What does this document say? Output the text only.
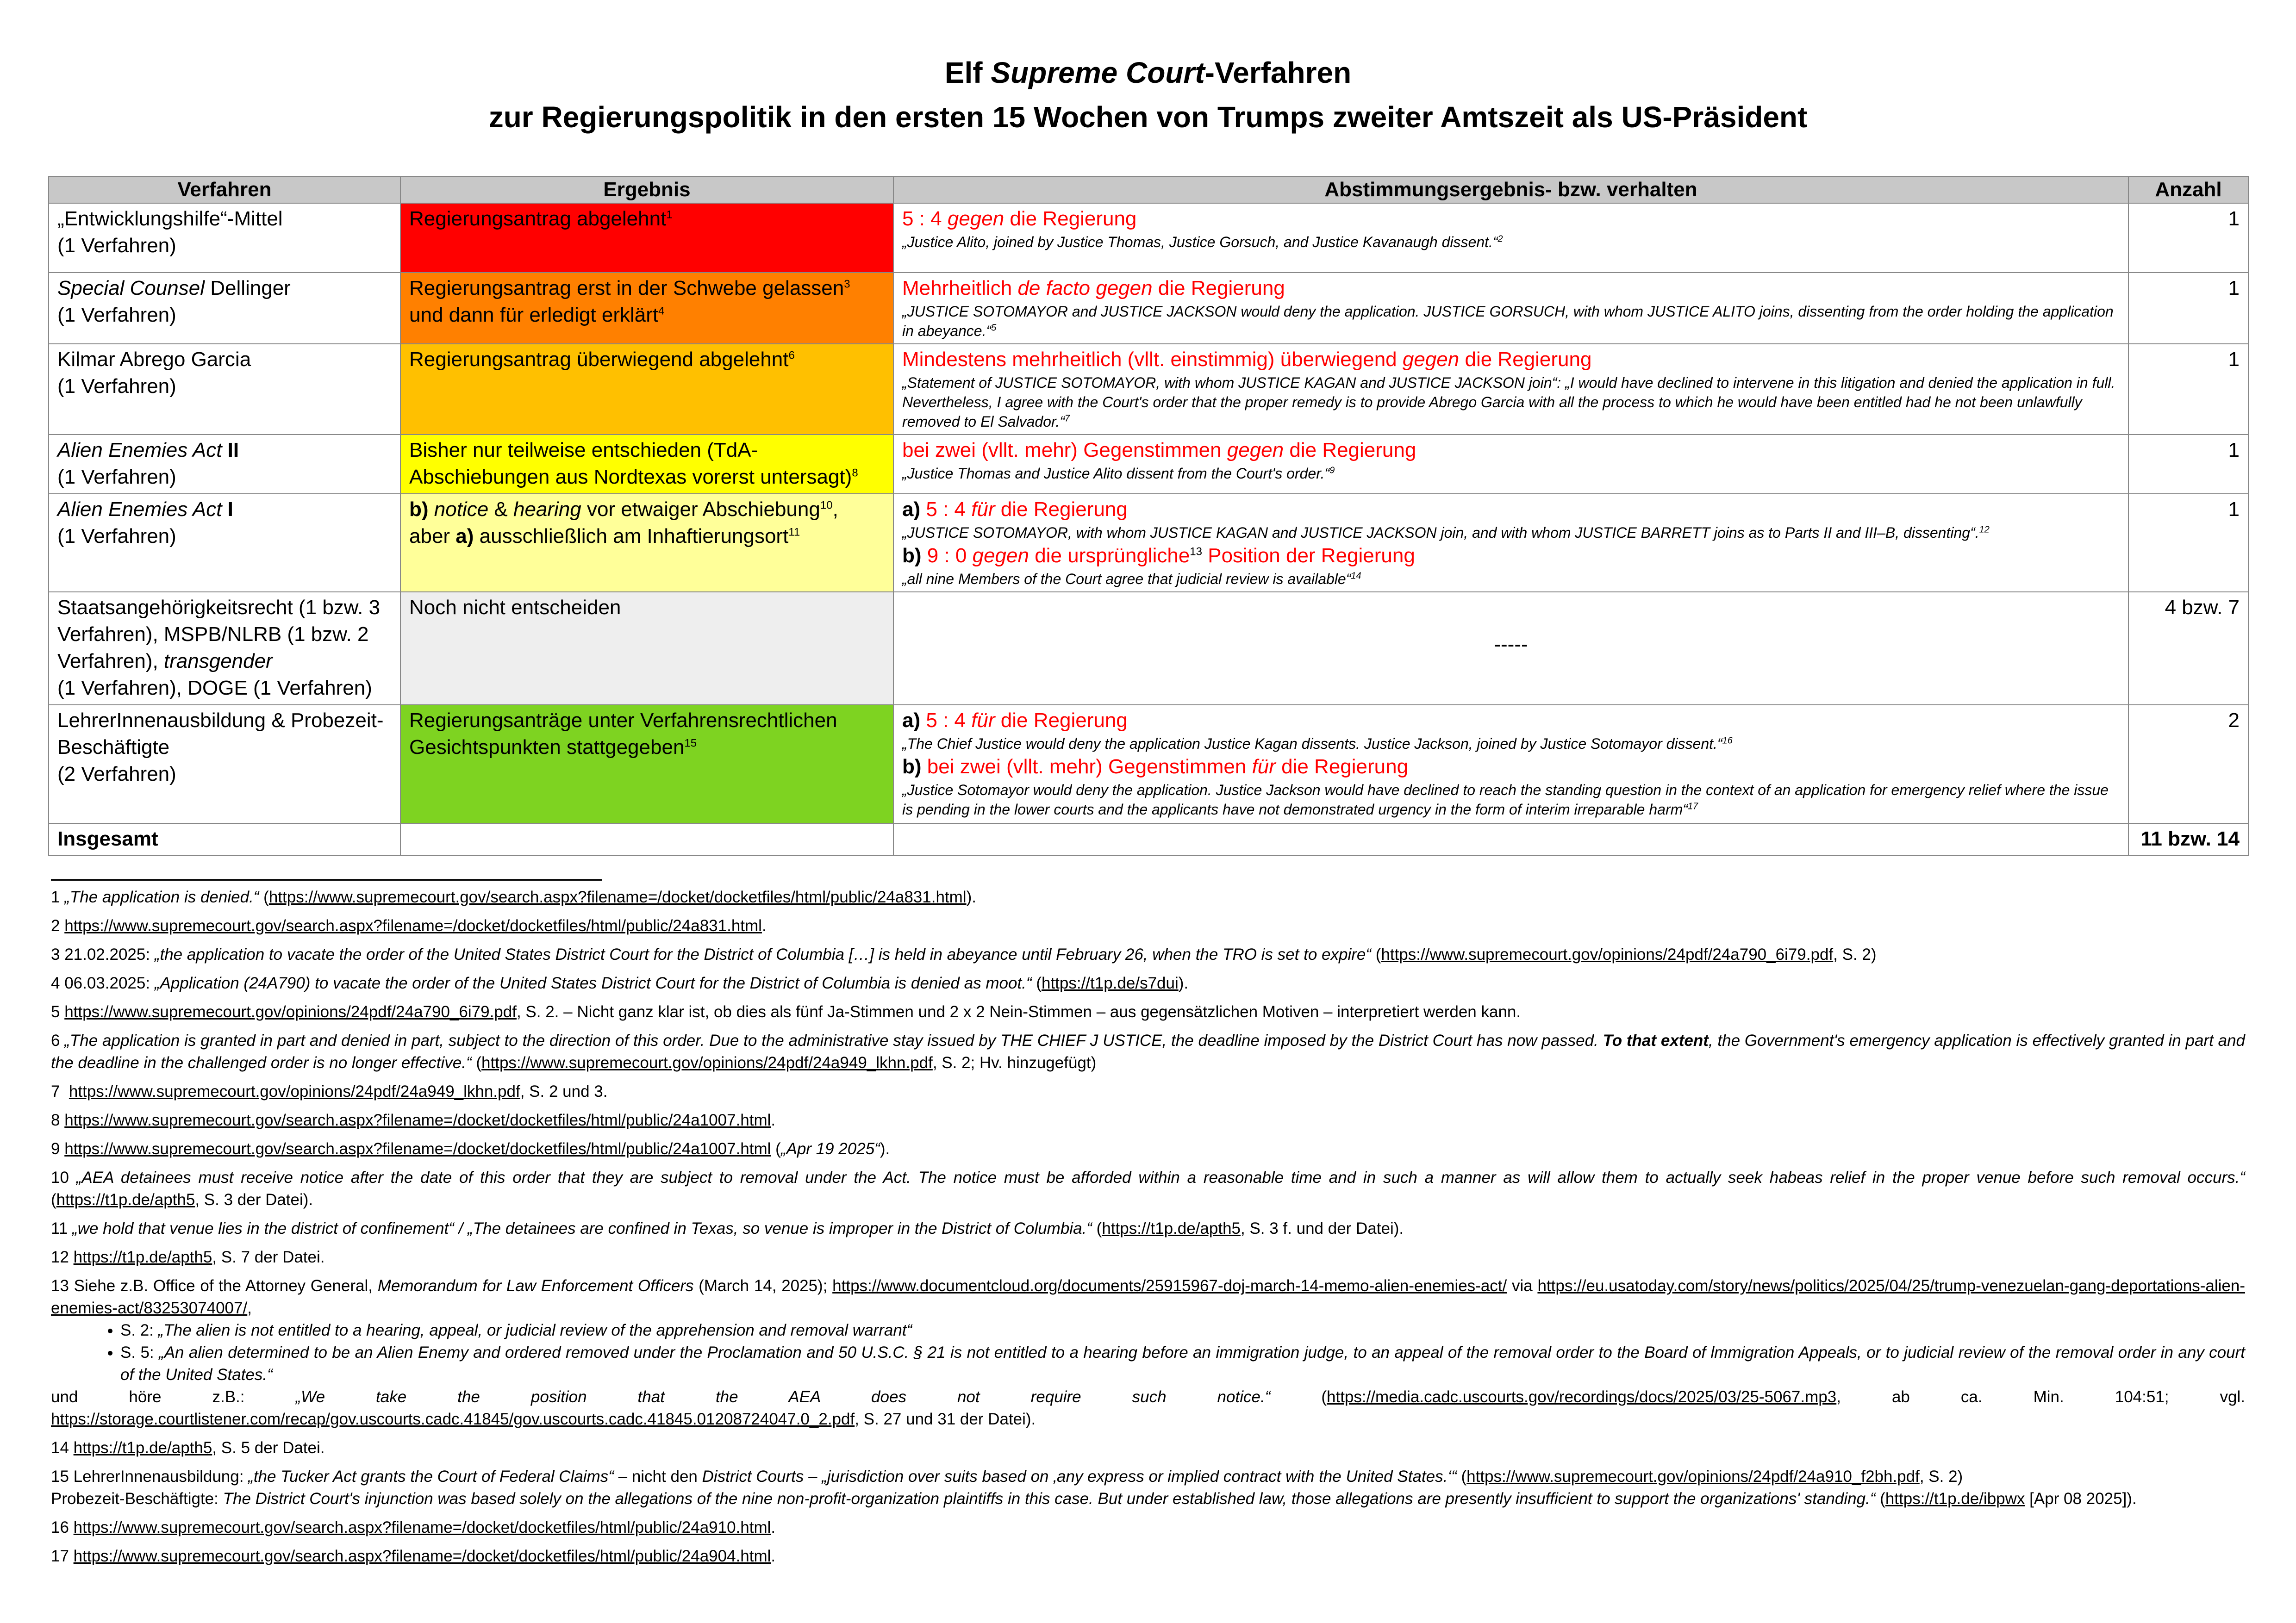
Elf Supreme Court-Verfahren
zur Regierungspolitik in den ersten 15 Wochen von Trumps zweiter Amtszeit als US-Präsident
Verfahren	Ergebnis	Abstimmungsergebnis- bzw. verhalten	Anzahl
„Entwicklungshilfe“-Mittel
(1 Verfahren)	Regierungsantrag abgelehnt$^1$	5 : 4 gegen die Regierung

„Justice Alito, joined by Justice Thomas, Justice Gorsuch, and Justice Kavanaugh dissent.“$^2$	1
Special Counsel Dellinger
(1 Verfahren)	Regierungsantrag erst in der Schwebe gelassen$^3$
und dann für erledigt erklärt$^4$	Mehrheitlich de facto gegen die Regierung

„JUSTICE SOTOMAYOR and JUSTICE JACKSON would deny the application. JUSTICE GORSUCH, with whom JUSTICE ALITO joins, dissenting from the order holding the application in abeyance.“$^5$	1
Kilmar Abrego Garcia
(1 Verfahren)	Regierungsantrag überwiegend abgelehnt$^6$	Mindestens mehrheitlich (vllt. einstimmig) überwiegend gegen die Regierung

„Statement of JUSTICE SOTOMAYOR, with whom JUSTICE KAGAN and JUSTICE JACKSON join“: „I would have declined to intervene in this litigation and denied the application in full. Nevertheless, I agree with the Court's order that the proper remedy is to provide Abrego Garcia with all the process to which he would have been entitled had he not been unlawfully removed to El Salvador.“$^7$	1
Alien Enemies Act II
(1 Verfahren)	Bisher nur teilweise entschieden (TdA-Abschiebungen aus Nordtexas vorerst untersagt)$^8$	bei zwei (vllt. mehr) Gegenstimmen gegen die Regierung

„Justice Thomas and Justice Alito dissent from the Court's order.“$^9$	1
Alien Enemies Act I
(1 Verfahren)	b) notice & hearing vor etwaiger Abschiebung$^{10}$,
aber a) ausschließlich am Inhaftierungsort$^{11}$	a) 5 : 4 für die Regierung

„JUSTICE SOTOMAYOR, with whom JUSTICE KAGAN and JUSTICE JACKSON join, and with whom JUSTICE BARRETT joins as to Parts II and III–B, dissenting“.$^{12}$
b) 9 : 0 gegen die ursprüngliche$^{13}$ Position der Regierung

„all nine Members of the Court agree that judicial review is available“$^{14}$	1
Staatsangehörigkeitsrecht (1 bzw. 3 Verfahren), MSPB/NLRB (1 bzw. 2 Verfahren), transgender
(1 Verfahren), DOGE (1 Verfahren)	Noch nicht entscheiden	-----	4 bzw. 7
LehrerInnenausbildung & Probezeit-Beschäftigte
(2 Verfahren)	Regierungsanträge unter Verfahrensrechtlichen Gesichtspunkten stattgegeben$^{15}$	a) 5 : 4 für die Regierung

„The Chief Justice would deny the application Justice Kagan dissents. Justice Jackson, joined by Justice Sotomayor dissent.“$^{16}$
b) bei zwei (vllt. mehr) Gegenstimmen für die Regierung

„Justice Sotomayor would deny the application. Justice Jackson would have declined to reach the standing question in the context of an application for emergency relief where the issue is pending in the lower courts and the applicants have not demonstrated urgency in the form of interim irreparable harm“$^{17}$	2
Insgesamt			11 bzw. 14
1 „The application is denied.“ (https://www.supremecourt.gov/search.aspx?filename=/docket/docketfiles/html/public/24a831.html).
2 https://www.supremecourt.gov/search.aspx?filename=/docket/docketfiles/html/public/24a831.html.
3 21.02.2025: „the application to vacate the order of the United States District Court for the District of Columbia […] is held in abeyance until February 26, when the TRO is set to expire“ (https://www.supremecourt.gov/opinions/24pdf/24a790_6i79.pdf, S. 2)
4 06.03.2025: „Application (24A790) to vacate the order of the United States District Court for the District of Columbia is denied as moot.“ (https://t1p.de/s7dui).
5 https://www.supremecourt.gov/opinions/24pdf/24a790_6i79.pdf, S. 2. – Nicht ganz klar ist, ob dies als fünf Ja-Stimmen und 2 x 2 Nein-Stimmen – aus gegensätzlichen Motiven – interpretiert werden kann.
6 „The application is granted in part and denied in part, subject to the direction of this order. Due to the administrative stay issued by THE CHIEF J USTICE, the deadline imposed by the District Court has now passed. To that extent, the Government's emergency application is effectively granted in part and the deadline in the challenged order is no longer effective.“ (https://www.supremecourt.gov/opinions/24pdf/24a949_lkhn.pdf, S. 2; Hv. hinzugefügt)
7  https://www.supremecourt.gov/opinions/24pdf/24a949_lkhn.pdf, S. 2 und 3.
8 https://www.supremecourt.gov/search.aspx?filename=/docket/docketfiles/html/public/24a1007.html.
9 https://www.supremecourt.gov/search.aspx?filename=/docket/docketfiles/html/public/24a1007.html („Apr 19 2025“).
10 „AEA detainees must receive notice after the date of this order that they are subject to removal under the Act. The notice must be afforded within a reasonable time and in such a manner as will allow them to actually seek habeas relief in the proper venue before such removal occurs.“ (https://t1p.de/apth5, S. 3 der Datei).
11 „we hold that venue lies in the district of confinement“ / „The detainees are confined in Texas, so venue is improper in the District of Columbia.“ (https://t1p.de/apth5, S. 3 f. und der Datei).
12 https://t1p.de/apth5, S. 7 der Datei.
13 Siehe z.B. Office of the Attorney General, Memorandum for Law Enforcement Officers (March 14, 2025); https://www.documentcloud.org/documents/25915967-doj-march-14-memo-alien-enemies-act/ via https://eu.usatoday.com/story/news/politics/2025/04/25/trump-venezuelan-gang-deportations-alien-enemies-act/83253074007/,
• S. 2: „The alien is not entitled to a hearing, appeal, or judicial review of the apprehension and removal warrant“
• S. 5: „An alien determined to be an Alien Enemy and ordered removed under the Proclamation and 50 U.S.C. § 21 is not entitled to a hearing before an immigration judge, to an appeal of the removal order to the Board of lmmigration Appeals, or to judicial review of the removal order in any court of the United States.“
und höre z.B.: „We take the position that the AEA does not require such notice.“ (https://media.cadc.uscourts.gov/recordings/docs/2025/03/25-5067.mp3, ab ca. Min. 104:51; vgl.
https://storage.courtlistener.com/recap/gov.uscourts.cadc.41845/gov.uscourts.cadc.41845.01208724047.0_2.pdf, S. 27 und 31 der Datei).
14 https://t1p.de/apth5, S. 5 der Datei.
15 LehrerInnenausbildung: „the Tucker Act grants the Court of Federal Claims“ – nicht den District Courts – „jurisdiction over suits based on ‚any express or implied contract with the United States.‘“ (https://www.supremecourt.gov/opinions/24pdf/24a910_f2bh.pdf, S. 2)
Probezeit-Beschäftigte: The District Court's injunction was based solely on the allegations of the nine non-profit-organization plaintiffs in this case. But under established law, those allegations are presently insufficient to support the organizations' standing.“ (https://t1p.de/ibpwx [Apr 08 2025]).
16 https://www.supremecourt.gov/search.aspx?filename=/docket/docketfiles/html/public/24a910.html.
17 https://www.supremecourt.gov/search.aspx?filename=/docket/docketfiles/html/public/24a904.html.
